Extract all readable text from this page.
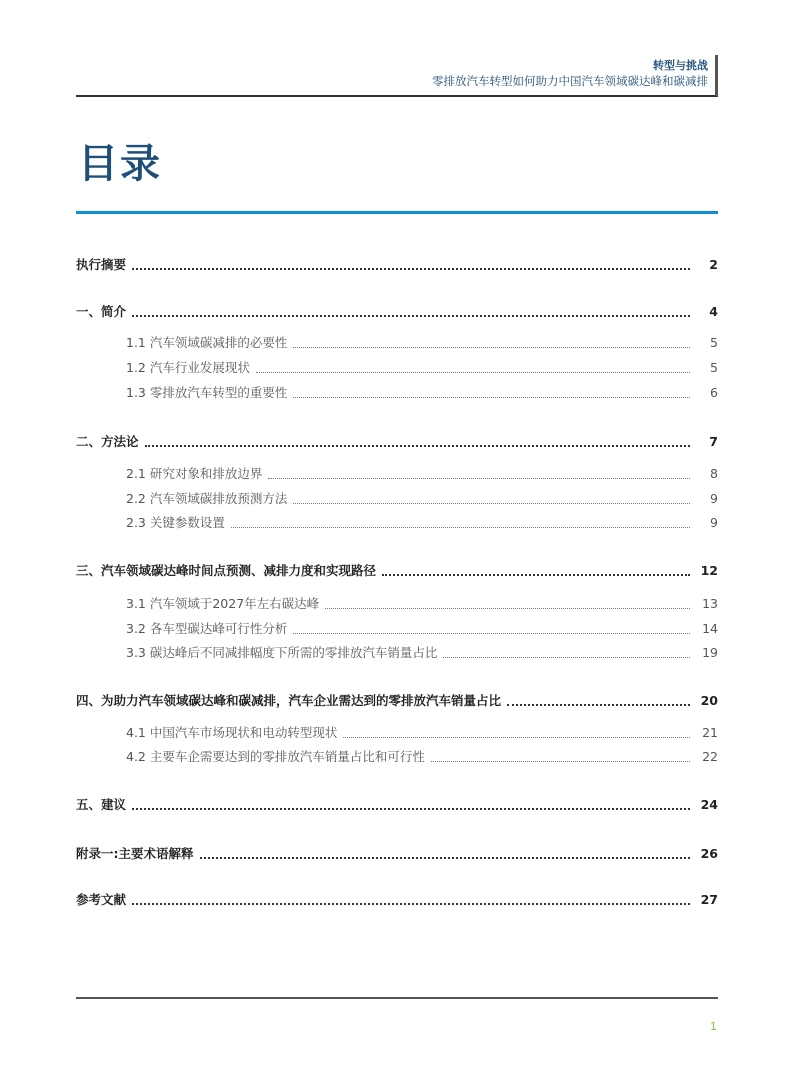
转型与挑战
零排放汽车转型如何助力中国汽车领域碳达峰和碳减排
目录
执行摘要	2
一、简介	4
1.1 汽车领域碳减排的必要性	5
1.2 汽车行业发展现状	5
1.3 零排放汽车转型的重要性	6
二、方法论	7
2.1 研究对象和排放边界	8
2.2 汽车领域碳排放预测方法	9
2.3 关键参数设置	9
三、汽车领域碳达峰时间点预测、减排力度和实现路径	12
3.1 汽车领域于2027年左右碳达峰	13
3.2 各车型碳达峰可行性分析	14
3.3 碳达峰后不同减排幅度下所需的零排放汽车销量占比	19
四、为助力汽车领域碳达峰和碳减排，汽车企业需达到的零排放汽车销量占比	20
4.1 中国汽车市场现状和电动转型现状	21
4.2 主要车企需要达到的零排放汽车销量占比和可行性	22
五、建议	24
附录一:主要术语解释	26
参考文献	27
1
